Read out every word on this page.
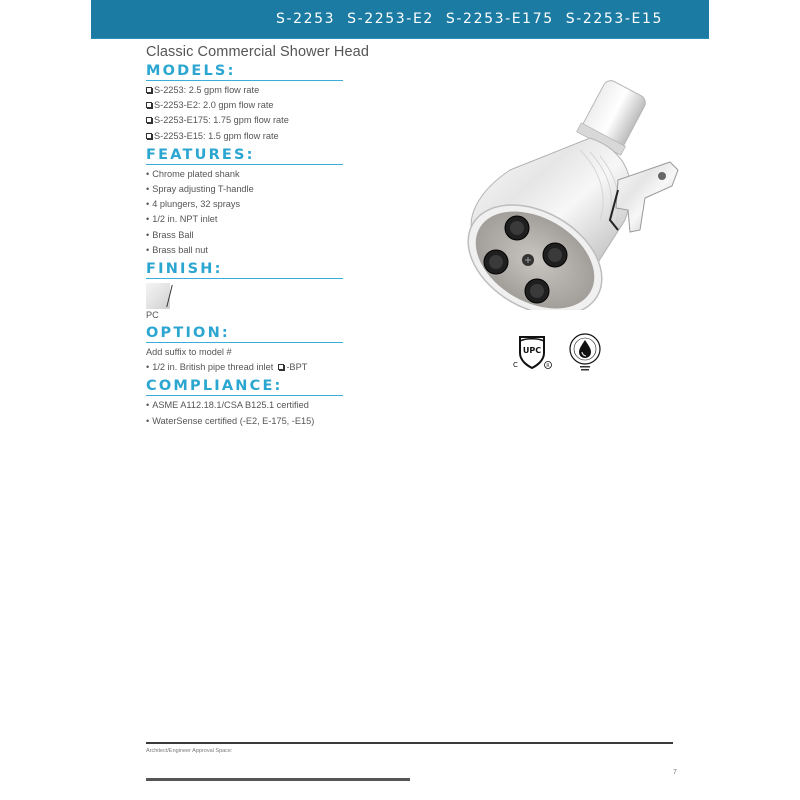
S-2253 S-2253-E2 S-2253-E175 S-2253-E15
Classic Commercial Shower Head
MODELS:
S-2253: 2.5 gpm flow rate
S-2253-E2: 2.0 gpm flow rate
S-2253-E175: 1.75 gpm flow rate
S-2253-E15: 1.5 gpm flow rate
FEATURES:
• Chrome plated shank
• Spray adjusting T-handle
• 4 plungers, 32 sprays
• 1/2 in. NPT inlet
• Brass Ball
• Brass ball nut
FINISH:
PC
OPTION:
Add suffix to model #
• 1/2 in. British pipe thread inlet -BPT
COMPLIANCE:
• ASME A112.18.1/CSA B125.1 certified
• WaterSense certified (-E2, E-175, -E15)
UPC
C	R
Architect/Engineer Approval Space:
7
